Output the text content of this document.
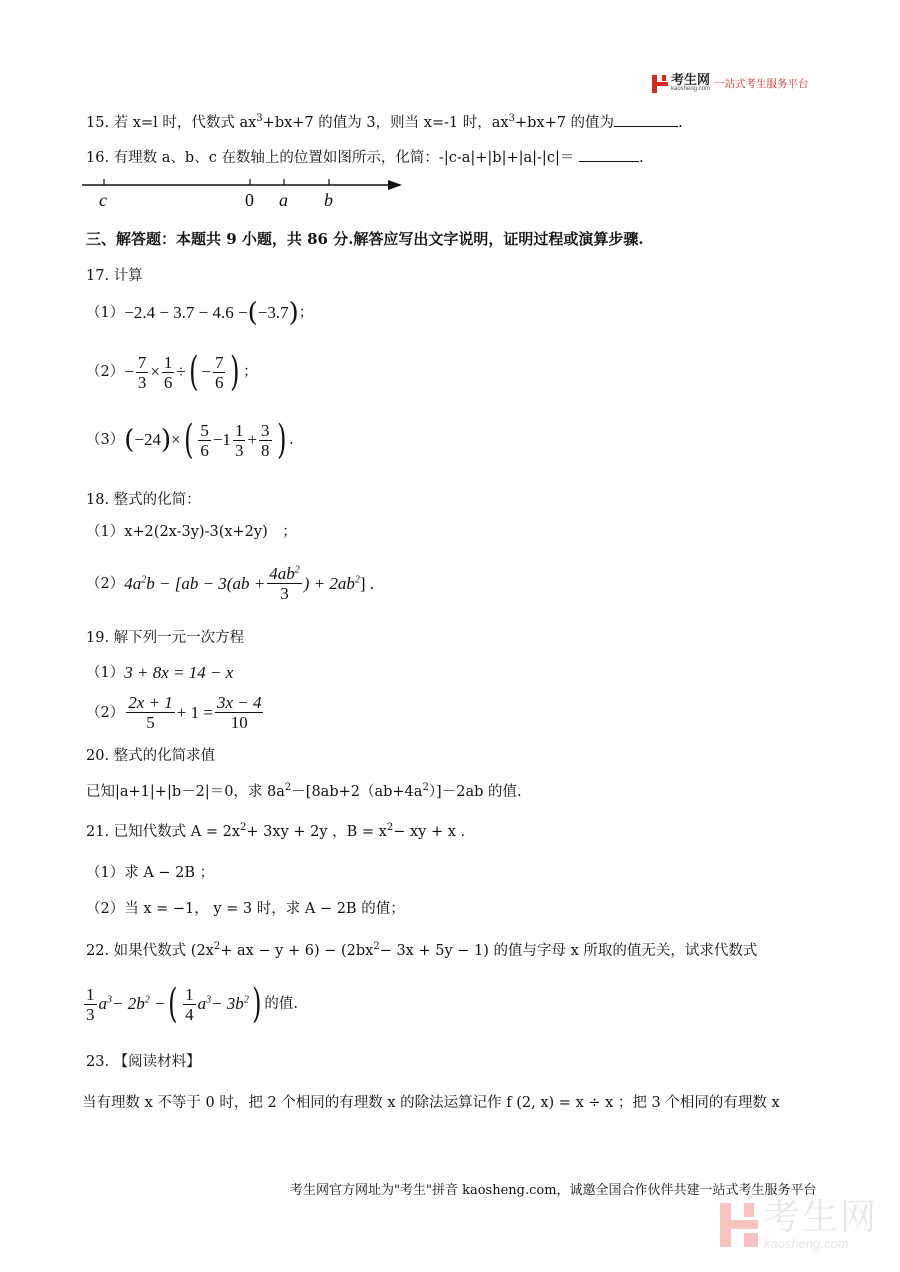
考生网
kaosheng.com 一站式考生服务平台
15. 若 x=l 时，代数式 $ax^3+bx+7$ 的值为 3，则当 x=-1 时，$ax^3+bx+7$ 的值为	.
16. 有理数 a、b、c 在数轴上的位置如图所示，化简：-|c-a|+|b|+|a|-|c|＝	.
c	0 a b
三、解答题：本题共 9 小题，共 86 分.解答应写出文字说明，证明过程或演算步骤.
17. 计算
（1） −2.4 − 3.7 − 4.6 − ( −3.7 ) ；
$(2) - \frac{7}{3} \times \frac{1}{6}$ ÷ ( − $\frac{7}{6}$ ) ；
（3） ( −24 ) × ( $\frac{5}{6} -1 \frac{1}{3} + \frac{3}{8}$ ) .
18. 整式的化简：
（1）x+2(2x-3y)-3(x+2y)　；
（2） $4a^2b - [ab - 3(ab + \frac{4ab^2}{3}$ ) + $2ab^2$ ] .
19. 解下列一元一次方程
（1） 3 + 8x = 14 − x
$(2) \frac{2x + 1}{5} + 1 = \frac{3x - 4}{10}$
20. 整式的化简求值
已知|a+1|+|b－2|＝0，求 $8a^2-[8ab+2(ab+4a^2)]-2ab$ 的值.
21. 已知代数式 $A = 2x^2+ 3xy + 2y$ ，$B = x^2-$ xy + x .
（1）求 A − 2B ；
（2）当 x = −1， y = 3 时，求 A − 2B 的值；
22. 如果代数式 ($2x^2+$ ax − $y + 6) - (2bx^2- 3x + 5y - 1)$ 的值与字母 x 所取的值无关，试求代数式
$\frac{1}{3} a^3- 2b^2$ − ( $\frac{1}{4} a^3- 3b^2$ ) 的值.
23. 【阅读材料】
当有理数 x 不等于 0 时，把 2 个相同的有理数 x 的除法运算记作 f (2, x) = x ÷ x ；把 3 个相同的有理数 x
考生网官方网址为"考生"拼音 kaosheng.com，诚邀全国合作伙伴共建一站式考生服务平台
考生网
kaosheng.com
